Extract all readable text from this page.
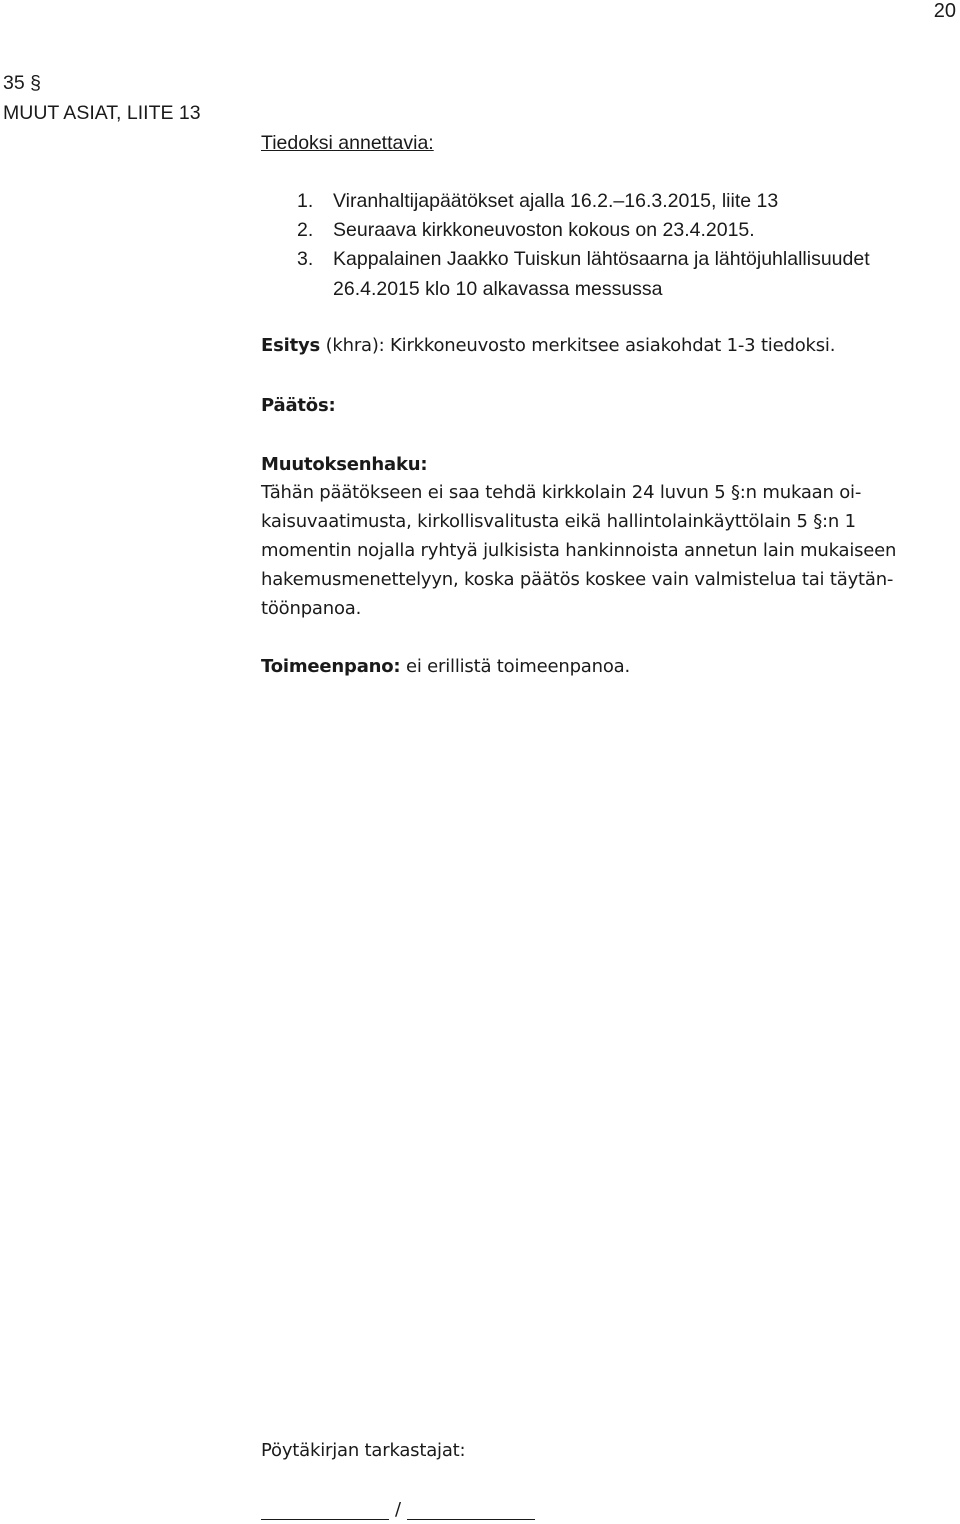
20
35 §
MUUT ASIAT, LIITE 13
Tiedoksi annettavia:
1. Viranhaltijapäätökset ajalla 16.2.–16.3.2015, liite 13
2. Seuraava kirkkoneuvoston kokous on 23.4.2015.
3. Kappalainen Jaakko Tuiskun lähtösaarna ja lähtöjuhlallisuudet
26.4.2015 klo 10 alkavassa messussa
Esitys (khra): Kirkkoneuvosto merkitsee asiakohdat 1-3 tiedoksi.
Päätös:
Muutoksenhaku:
Tähän päätökseen ei saa tehdä kirkkolain 24 luvun 5 §:n mukaan oi-
kaisuvaatimusta, kirkollisvalitusta eikä hallintolainkäyttölain 5 §:n 1
momentin nojalla ryhtyä julkisista hankinnoista annetun lain mukaiseen
hakemusmenettelyyn, koska päätös koskee vain valmistelua tai täytän-
töönpanoa.
Toimeenpano: ei erillistä toimeenpanoa.
Pöytäkirjan tarkastajat:
/
